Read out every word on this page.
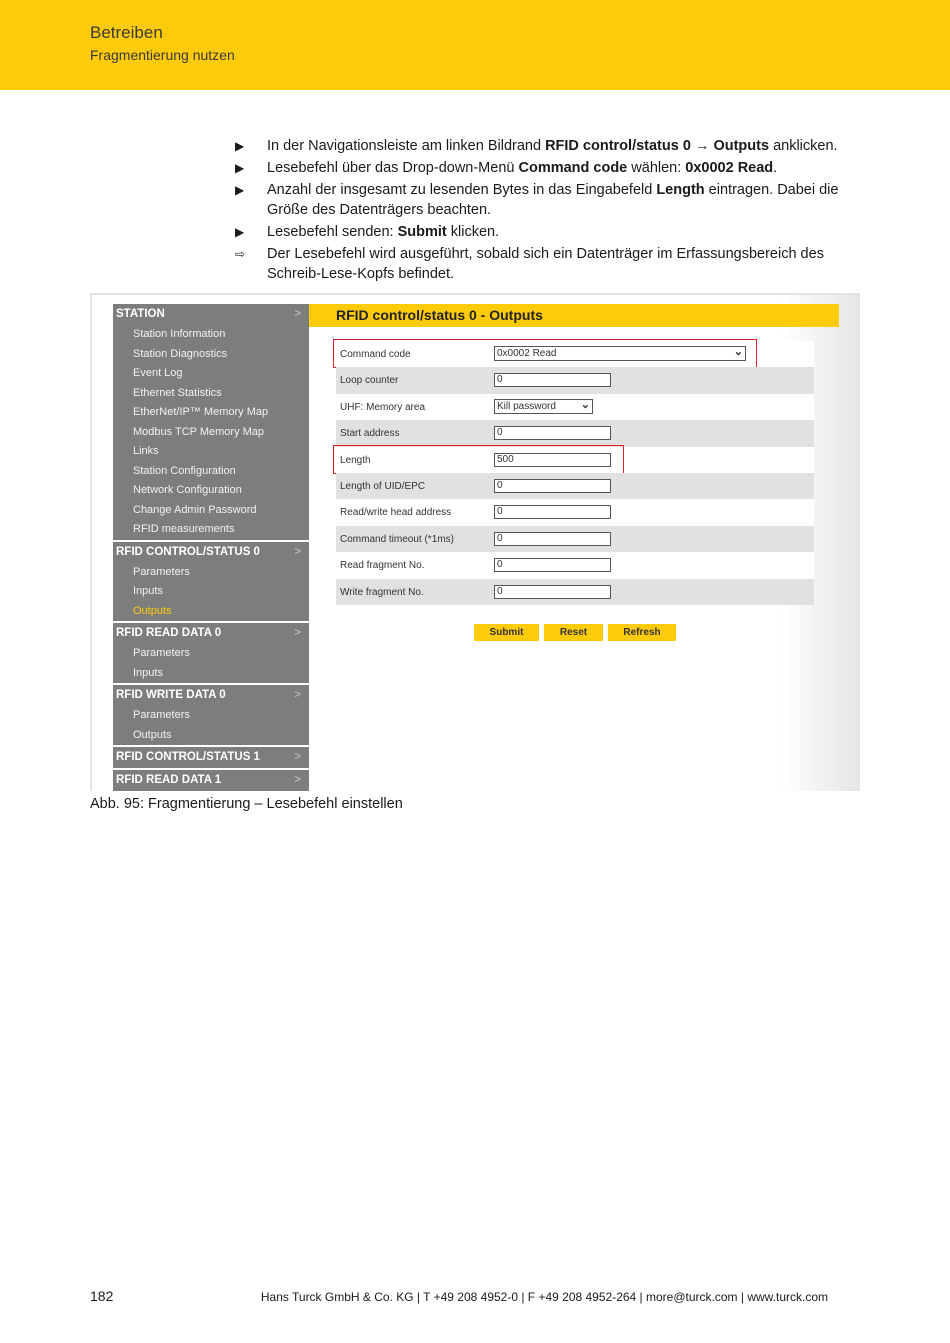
Betreiben
Fragmentierung nutzen
▶	In der Navigationsleiste am linken Bildrand RFID control/status 0 → Outputs anklicken.
▶	Lesebefehl über das Drop-down-Menü Command code wählen: 0x0002 Read.
▶	Anzahl der insgesamt zu lesenden Bytes in das Eingabefeld Length eintragen. Dabei die Größe des Datenträgers beachten.
▶	Lesebefehl senden: Submit klicken.
⇨	Der Lesebefehl wird ausgeführt, sobald sich ein Datenträger im Erfassungsbereich des Schreib-Lese-Kopfs befindet.
STATION	>
Station Information
Station Diagnostics
Event Log
Ethernet Statistics
EtherNet/IP™ Memory Map
Modbus TCP Memory Map
Links
Station Configuration
Network Configuration
Change Admin Password
RFID measurements
RFID CONTROL/STATUS 0	>
Parameters
Inputs
Outputs
RFID READ DATA 0	>
Parameters
Inputs
RFID WRITE DATA 0	>
Parameters
Outputs
RFID CONTROL/STATUS 1	>
RFID READ DATA 1	>
RFID control/status 0 - Outputs
Command code	0x0002 Read	⌄
Loop counter	0
UHF: Memory area	Kill password ⌄
Start address	0
Length	500
Length of UID/EPC	0
Read/write head address	0
Command timeout (*1ms)	0
Read fragment No.	0
Write fragment No.	0
Submit	Reset	Refresh
Abb. 95: Fragmentierung – Lesebefehl einstellen
182	Hans Turck GmbH & Co. KG | T +49 208 4952-0 | F +49 208 4952-264 | more@turck.com | www.turck.com
